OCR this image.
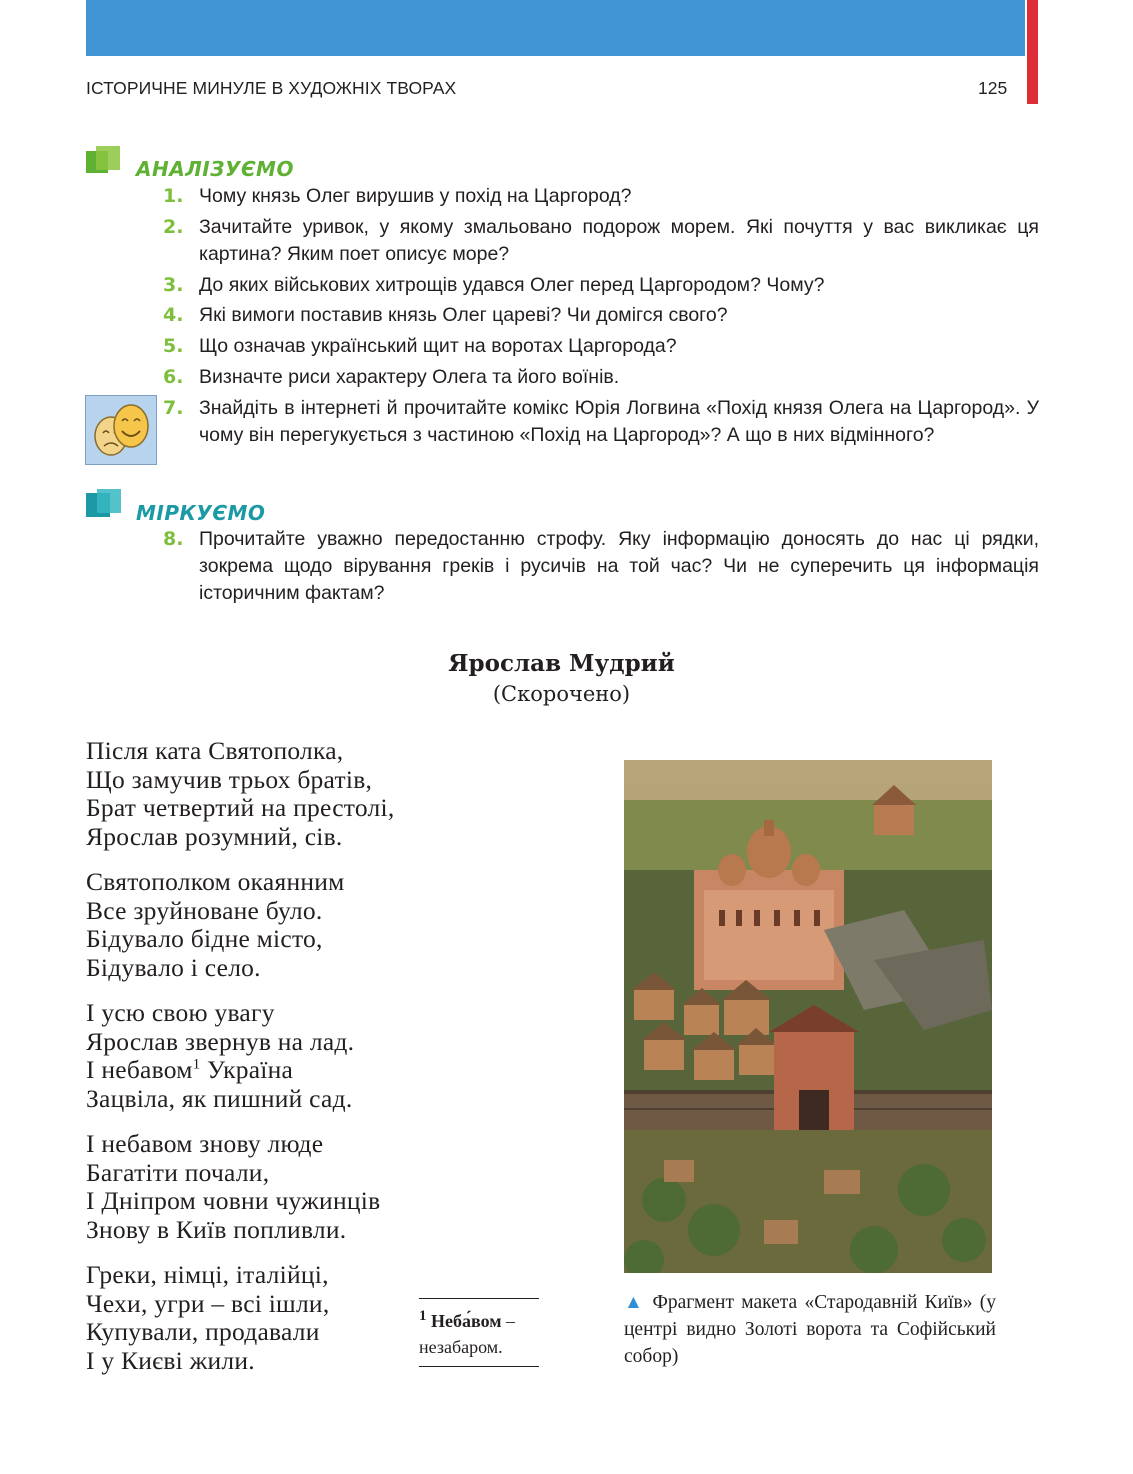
ІСТОРИЧНЕ МИНУЛЕ В ХУДОЖНІХ ТВОРАХ	125
АНАЛІЗУЄМО
1. Чому князь Олег вирушив у похід на Царгород?
2. Зачитайте уривок, у якому змальовано подорож морем. Які почуття у вас викликає ця картина? Яким поет описує море?
3. До яких військових хитрощів удався Олег перед Царгородом? Чому?
4. Які вимоги поставив князь Олег цареві? Чи домігся свого?
5. Що означав український щит на воротах Царгорода?
6. Визначте риси характеру Олега та його воїнів.
7. Знайдіть в інтернеті й прочитайте комікс Юрія Логвина «Похід князя Олега на Царгород». У чому він перегукується з частиною «Похід на Царгород»? А що в них відмінного?
МІРКУЄМО
8. Прочитайте уважно передостанню строфу. Яку інформацію доносять до нас ці рядки, зокрема щодо вірування греків і русичів на той час? Чи не суперечить ця інформація історичним фактам?
Ярослав Мудрий
(Скорочено)
Після ката Святополка,
Що замучив трьох братів,
Брат четвертий на престолі,
Ярослав розумний, сів.
Святополком окаянним
Все зруйноване було.
Бідувало бідне місто,
Бідувало і село.
І усю свою увагу
Ярослав звернув на лад.
I небавом$^1$ Україна
Зацвіла, як пишний сад.
І небавом знову люде
Багатіти почали,
І Дніпром човни чужинців
Знову в Київ попливли.
Греки, німці, італійці,
Чехи, угри – всі ішли,
Купували, продавали
І у Києві жили.
$^1$ Неба́вом – незабаром.
▲ Фрагмент макета «Стародавній Київ» (у центрі видно Золоті ворота та Софійський собор)
